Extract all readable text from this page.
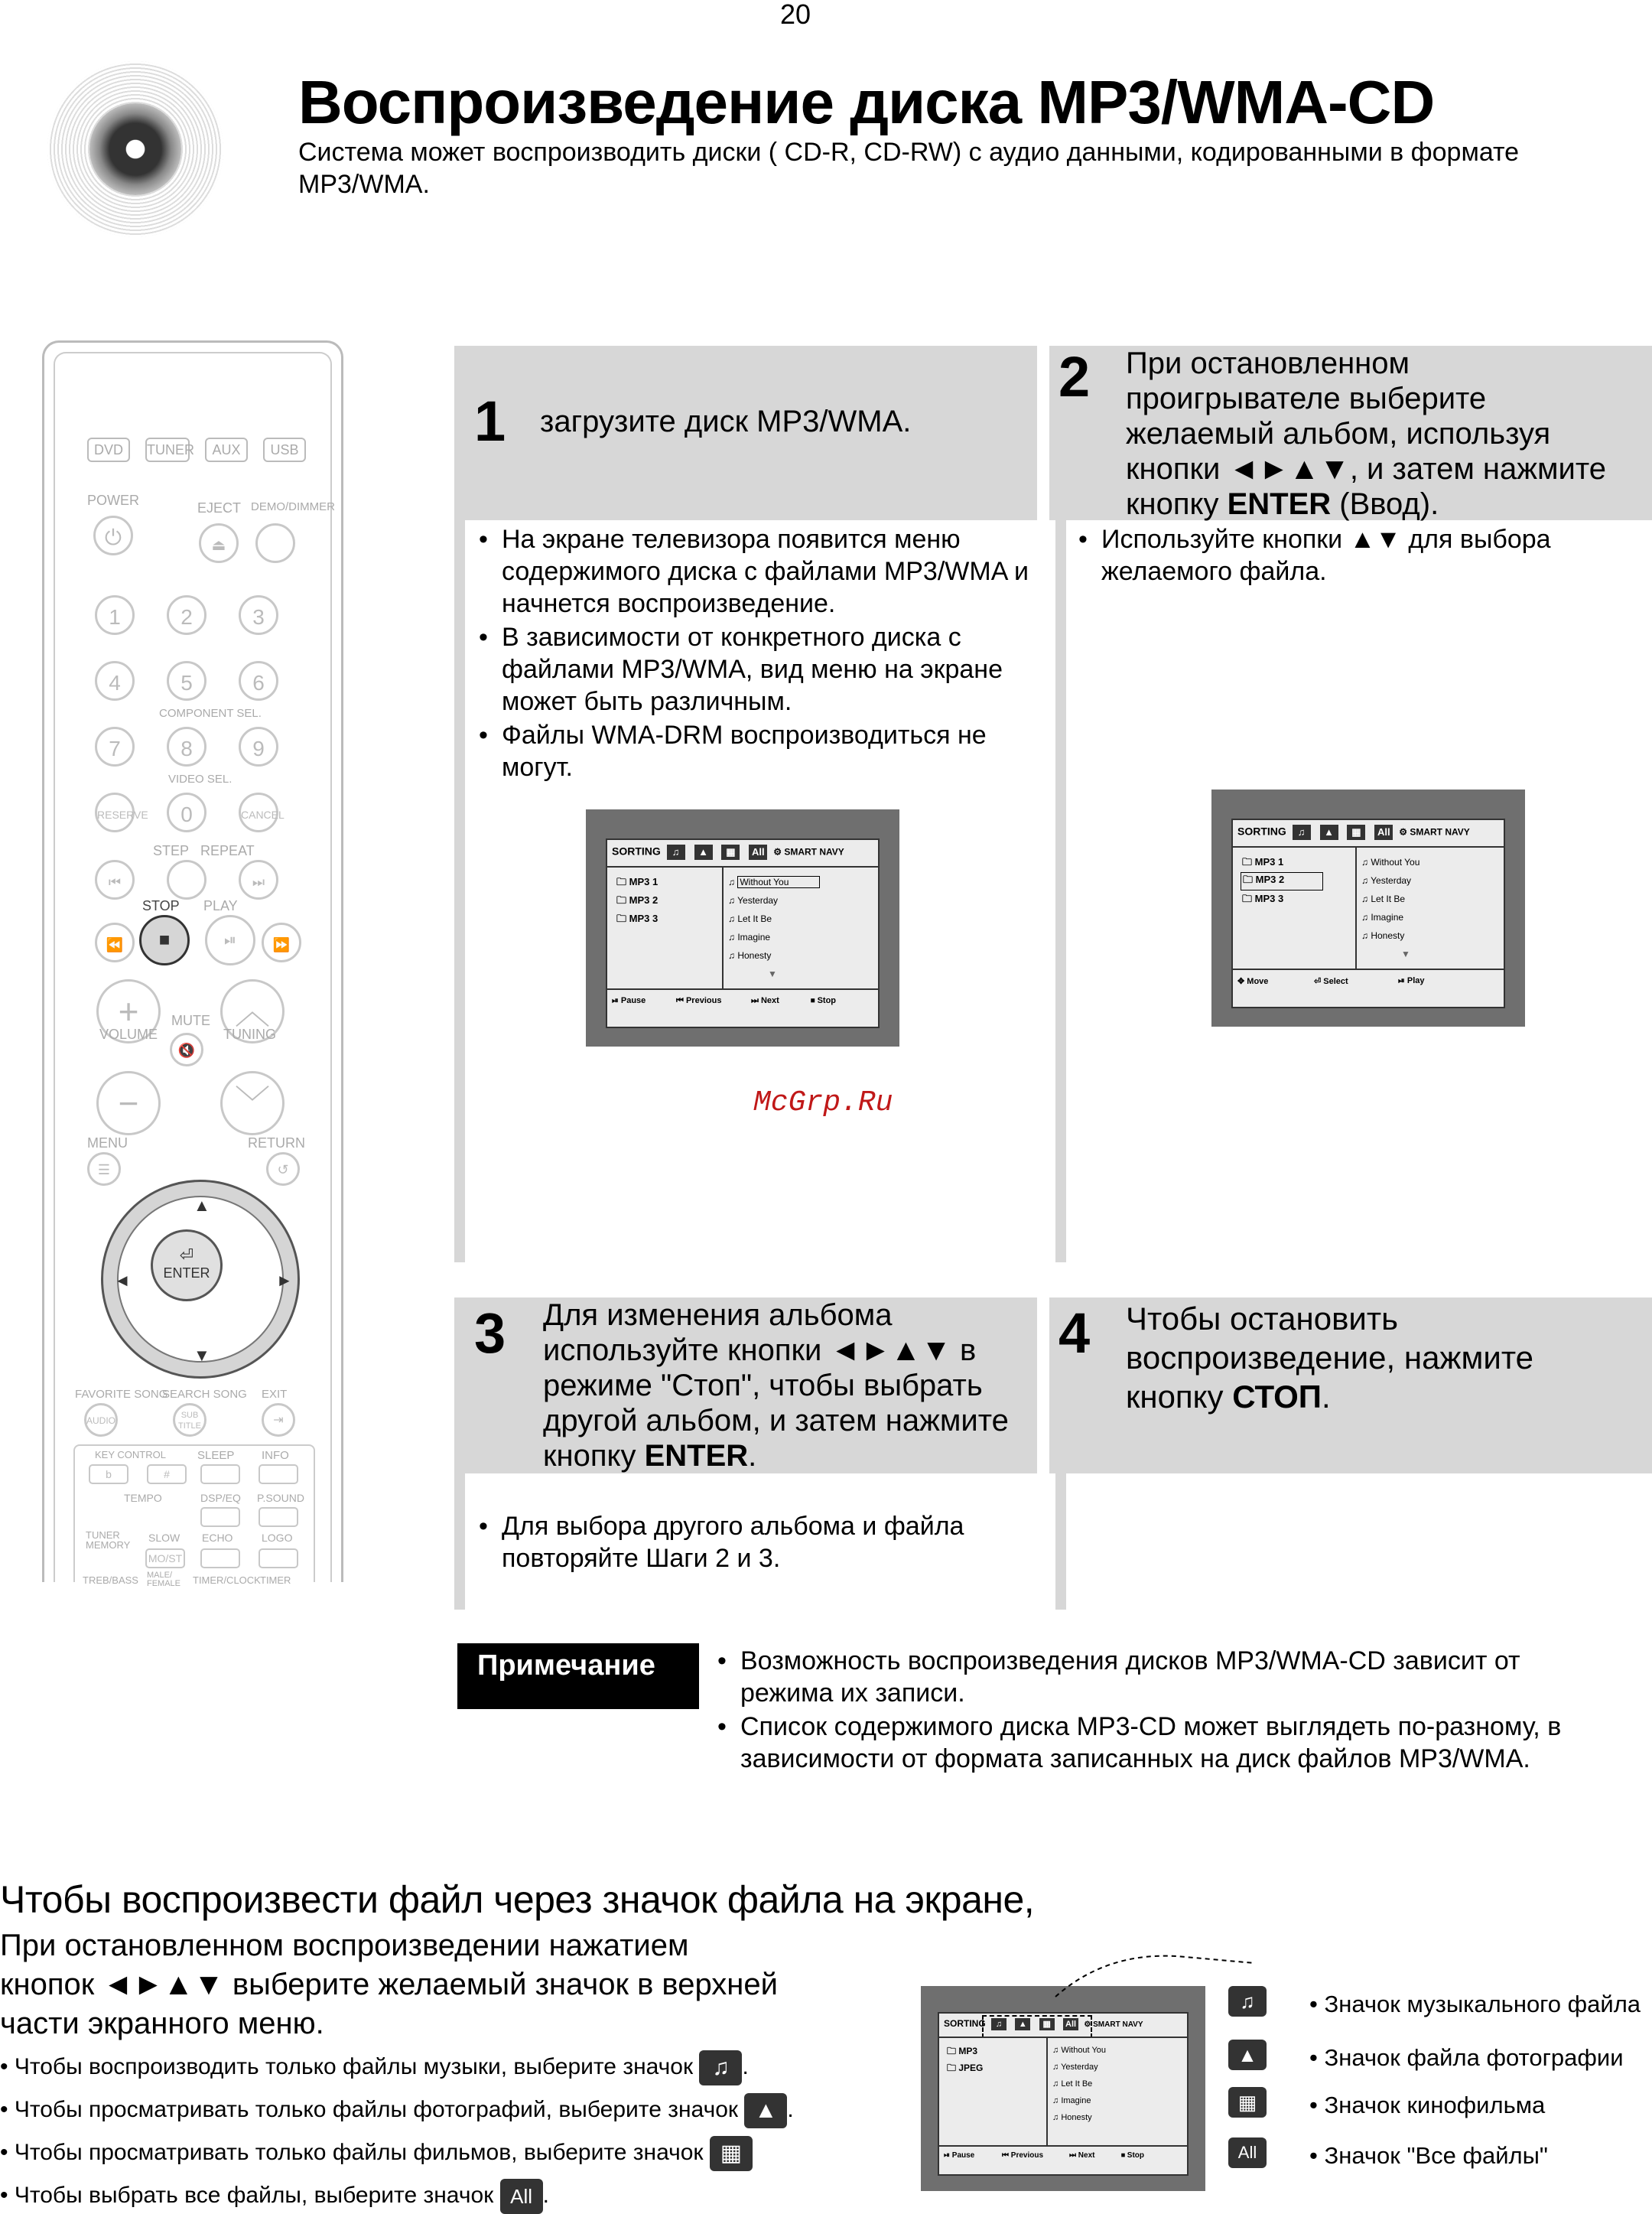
20
Воспроизведение диска MP3/WMA-CD
Система может воспроизводить диски ( CD-R, CD-RW) с аудио данными, кодированными в формате MP3/WMA.
DVD	TUNER	AUX	USB
POWER	EJECT DEMO/DIMMER
⏻	⏏
1	2	3
4	5	6
COMPONENT SEL.
7	8	9
VIDEO SEL.
RESERVE	0	CANCEL
STEP REPEAT
⏮	⏭
STOP PLAY
⏪	■	⏯	⏩
+	MUTE
🔇
︿
VOLUME	TUNING
−	﹀
MENU	RETURN
☰	↺
▲
▼
◄	►
⏎
ENTER
FAVORITE SONG
SEARCH SONG EXIT
AUDIO	SUB TITLE	⇥
KEY CONTROL	SLEEP INFO
b	#
TEMPO	DSP/EQ P.SOUND
TUNER MEMORY
SLOW ECHO	LOGO
MO/ST
TREB/BASS MALE/ FEMALE TIMER/CLOCK TIMER
1 загрузите диск MP3/WMA.
• На экране телевизора появится меню содержимого диска с файлами MP3/WMA и начнется воспроизведение.
• В зависимости от конкретного диска с файлами MP3/WMA, вид меню на экране может быть различным.
• Файлы WMA-DRM воспроизводиться не могут.
SORTING ♫ ▲ ▦ All ⚙ SMART NAVY
🗀 MP3 1
🗀 MP3 2
🗀 MP3 3
♫ Without You
♫ Yesterday
♫ Let It Be
♫ Imagine
♫ Honesty
▼
⏯ Pause	⏮ Previous	⏭ Next	⏹ Stop
2 При остановленном
проигрывателе выберите
желаемый альбом, используя
кнопки ◄►▲▼, и затем нажмите
кнопку ENTER (Ввод).
• Используйте кнопки ▲▼ для выбора желаемого файла.
SORTING ♫ ▲ ▦ All ⚙ SMART NAVY
🗀 MP3 1
🗀 MP3 2
🗀 MP3 3
♫ Without You
♫ Yesterday
♫ Let It Be
♫ Imagine
♫ Honesty
▼
✥ Move	⏎ Select	⏯ Play
McGrp.Ru
3 Для изменения альбома
используйте кнопки ◄►▲▼ в
режиме "Стоп", чтобы выбрать
другой альбом, и затем нажмите
кнопку ENTER.
• Для выбора другого альбома и файла повторяйте Шаги 2 и 3.
4 Чтобы остановить
воспроизведение, нажмите
кнопку СТОП.
Примечание
•	Возможность воспроизведения дисков MP3/WMA-CD зависит от режима их записи.
• Список содержимого диска MP3-CD может выглядеть по-разному, в зависимости от формата записанных на диск файлов MP3/WMA.
Чтобы воспроизвести файл через значок файла на экране,
При остановленном воспроизведении нажатием
кнопок ◄►▲▼ выберите желаемый значок в верхней
части экранного меню.
• Чтобы воспроизводить только файлы музыки, выберите значок ♫ .
• Чтобы просматривать только файлы фотографий, выберите значок ▲ .
• Чтобы просматривать только файлы фильмов, выберите значок ▦
• Чтобы выбрать все файлы, выберите значок All .
SORTING ♫ ▲ ▦ All ⚙ SMART NAVY
🗀 MP3
🗀 JPEG
♫ Without You
♫ Yesterday
♫ Let It Be
♫ Imagine
♫ Honesty
⏯ Pause	⏮ Previous	⏭ Next	⏹ Stop
♫	• Значок музыкального файла
▲	• Значок файла фотографии
▦	• Значок кинофильма
All	• Значок "Все файлы"
